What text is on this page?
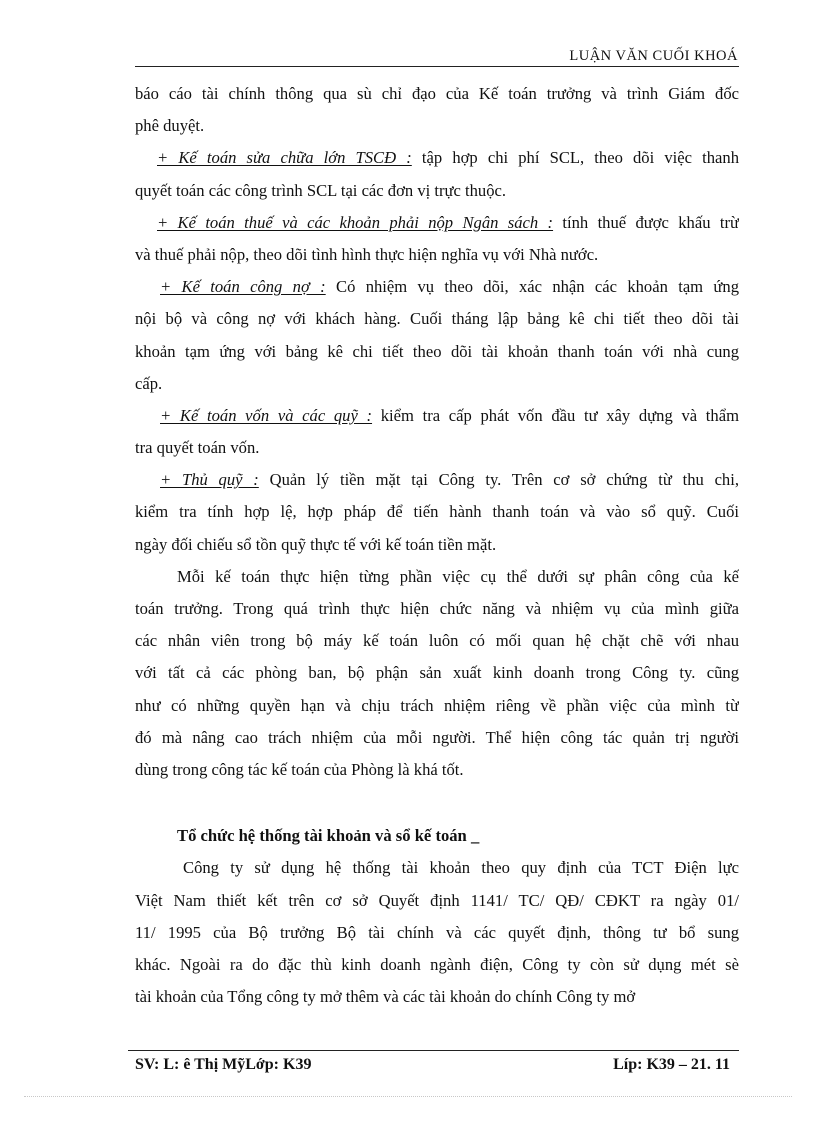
LUẬN VĂN CUỐI KHOÁ
báo cáo tài chính thông qua sù chỉ đạo của Kế toán trưởng và trình Giám đốc
phê duyệt.
+ Kế toán sửa chữa lớn TSCĐ : tập hợp chi phí SCL, theo dõi việc thanh
quyết toán các công trình SCL tại các đơn vị trực thuộc.
+ Kế toán thuế và các khoản phải nộp Ngân sách : tính thuế được khấu trừ
và thuế phải nộp, theo dõi tình hình thực hiện nghĩa vụ với Nhà nước.
+ Kế toán công nợ : Có nhiệm vụ theo dõi, xác nhận các khoản tạm ứng
nội bộ và công nợ với khách hàng. Cuối tháng lập bảng kê chi tiết theo dõi tài
khoản tạm ứng với bảng kê chi tiết theo dõi tài khoản thanh toán với nhà cung
cấp.
+ Kế toán vốn và các quỹ : kiểm tra cấp phát vốn đầu tư xây dựng và thẩm
tra quyết toán vốn.
+ Thủ quỹ : Quản lý tiền mặt tại Công ty. Trên cơ sở chứng từ thu chi,
kiểm tra tính hợp lệ, hợp pháp để tiến hành thanh toán và vào sổ quỹ. Cuối
ngày đối chiếu sổ tồn quỹ thực tế với kế toán tiền mặt.
Mỗi kế toán thực hiện từng phần việc cụ thể dưới sự phân công của kế
toán trưởng. Trong quá trình thực hiện chức năng và nhiệm vụ của mình giữa
các nhân viên trong bộ máy kế toán luôn có mối quan hệ chặt chẽ với nhau
với tất cả các phòng ban, bộ phận sản xuất kinh doanh trong Công ty. cũng
như có những quyền hạn và chịu trách nhiệm riêng về phần việc của mình từ
đó mà nâng cao trách nhiệm của mỗi người. Thể hiện công tác quản trị người
dùng trong công tác kế toán của Phòng là khá tốt.
Tổ chức hệ thống tài khoản và sổ kế toán _
Công ty sử dụng hệ thống tài khoản theo quy định của TCT Điện lực
Việt Nam thiết kết trên cơ sở Quyết định 1141/ TC/ QĐ/ CĐKT ra ngày 01/
11/ 1995 của Bộ trưởng Bộ tài chính và các quyết định, thông tư bổ sung
khác. Ngoài ra do đặc thù kinh doanh ngành điện, Công ty còn sử dụng mét sè
tài khoản của Tổng công ty mở thêm và các tài khoản do chính Công ty mở
SV: L: ê Thị MỹLớp: K39	Líp: K39 – 21. 11
